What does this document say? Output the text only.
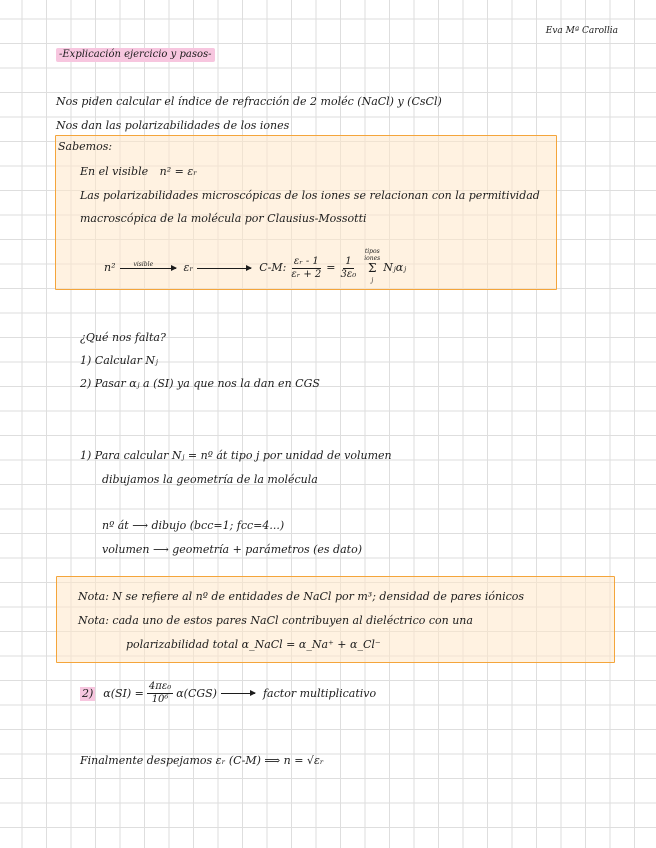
Eva Mª Carollia
-Explicación ejercicio y pasos-
Nos piden calcular el índice de refracción de 2 moléc (NaCl) y (CsCl)
Nos dan las polarizabilidades de los iones
Sabemos:
En el visible n² = εᵣ
Las polarizabilidades microscópicas de los iones se relacionan con la permitividad
macroscópica de la molécula por Clausius-Mossotti
n²	visible	εᵣ	C-M: $\frac{\text{εᵣ - 1}}{\text{εᵣ + 2}} = \frac{1}{\text{3ε₀}}$
tipos iones
Σ
j
Nⱼαⱼ
¿Qué nos falta?
1) Calcular Nⱼ
2) Pasar αⱼ a (SI) ya que nos la dan en CGS
1) Para calcular Nⱼ = nº át tipo j por unidad de volumen
dibujamos la geometría de la molécula
nº át ⟶ dibujo (bcc=1; fcc=4...)
volumen ⟶ geometría + parámetros (es dato)
Nota: N se refiere al nº de entidades de NaCl por m³; densidad de pares iónicos
Nota: cada uno de estos pares NaCl contribuyen al dieléctrico con una
polarizabilidad total α_NaCl = α_Na⁺ + α_Cl⁻
2) $\alpha(SI) = \frac{\text{4πε₀}}{\text{10⁶}} \alpha(CGS)$	factor multiplicativo
Finalmente despejamos εᵣ (C-M) ⟹ n = √εᵣ
